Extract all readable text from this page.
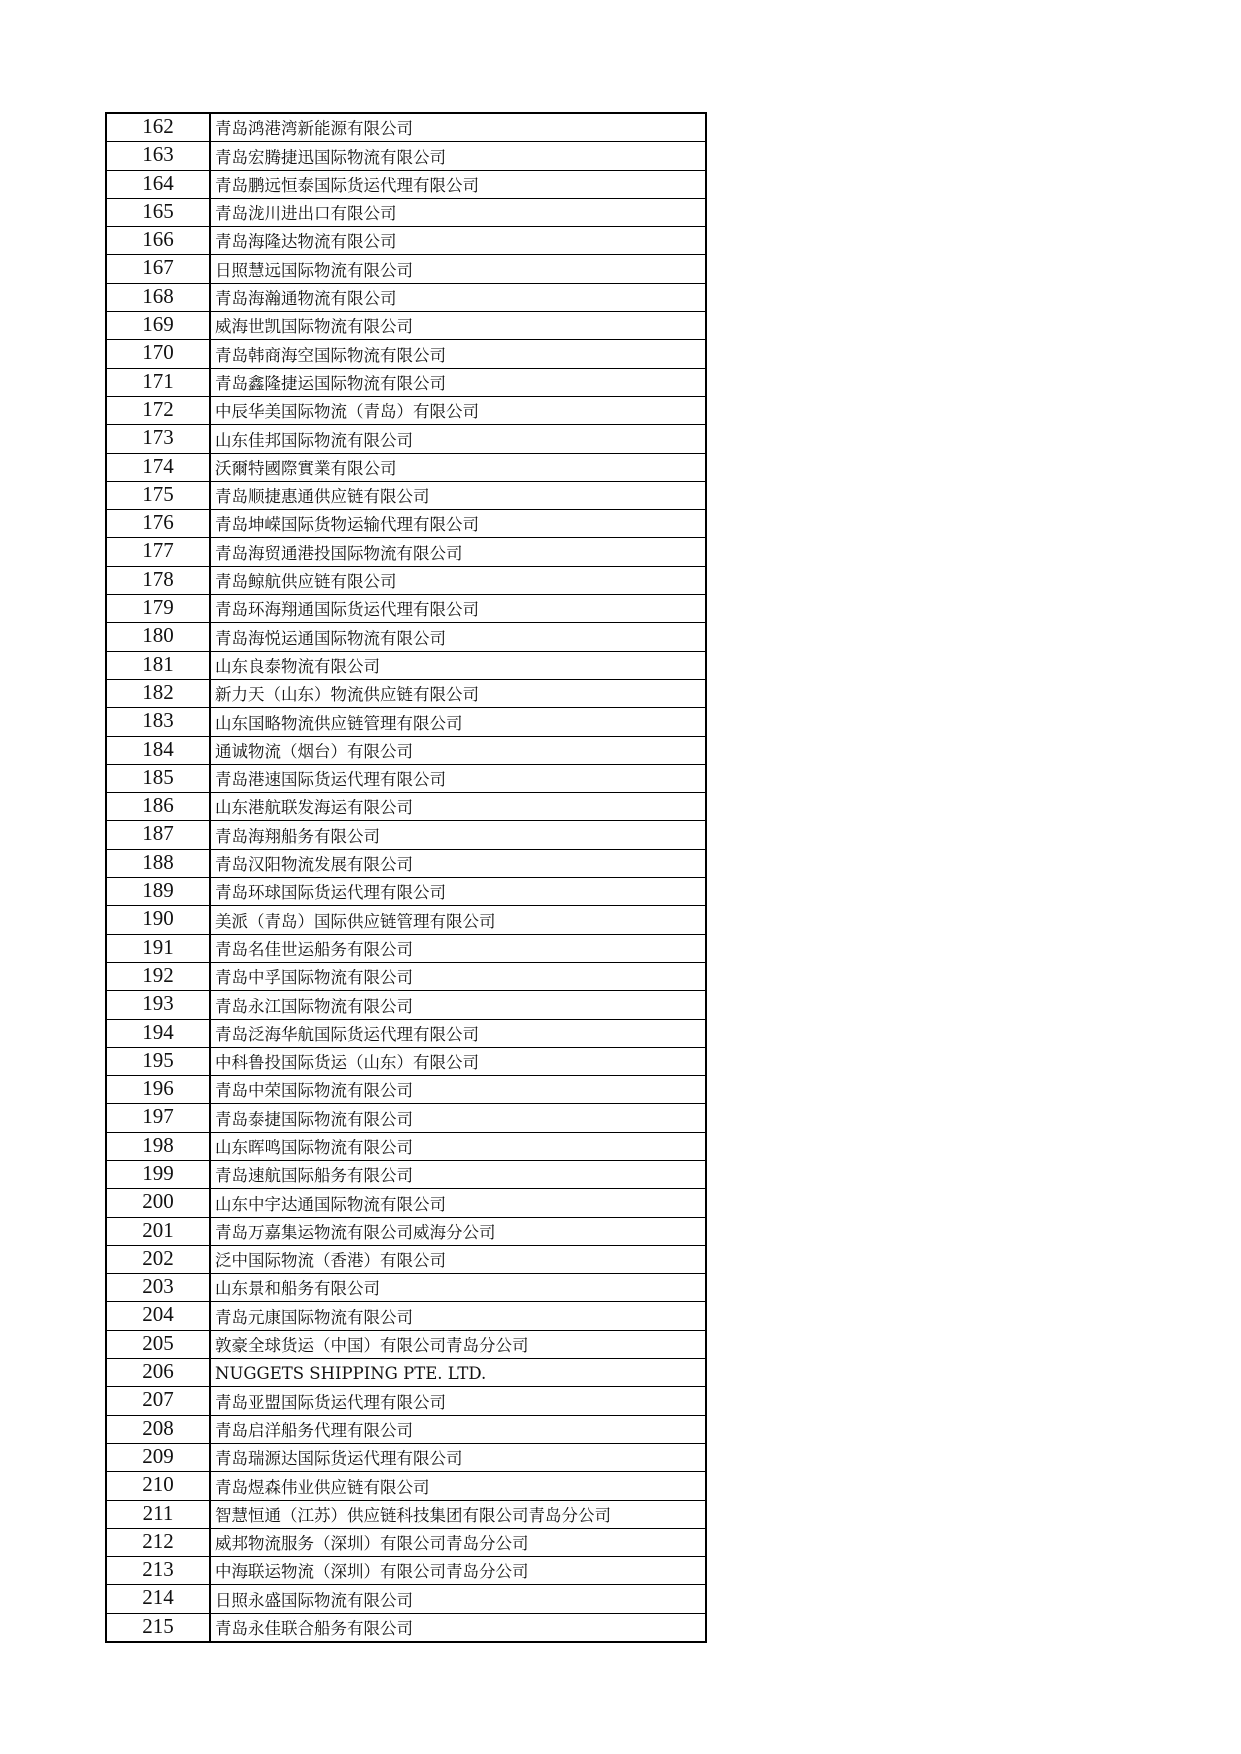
162	青岛鸿港湾新能源有限公司
163	青岛宏腾捷迅国际物流有限公司
164	青岛鹏远恒泰国际货运代理有限公司
165	青岛泷川进出口有限公司
166	青岛海隆达物流有限公司
167	日照慧远国际物流有限公司
168	青岛海瀚通物流有限公司
169	威海世凯国际物流有限公司
170	青岛韩商海空国际物流有限公司
171	青岛鑫隆捷运国际物流有限公司
172	中辰华美国际物流（青岛）有限公司
173	山东佳邦国际物流有限公司
174	沃爾特國際實業有限公司
175	青岛顺捷惠通供应链有限公司
176	青岛坤嵘国际货物运输代理有限公司
177	青岛海贸通港投国际物流有限公司
178	青岛鲸航供应链有限公司
179	青岛环海翔通国际货运代理有限公司
180	青岛海悦运通国际物流有限公司
181	山东良泰物流有限公司
182	新力天（山东）物流供应链有限公司
183	山东国略物流供应链管理有限公司
184	通诚物流（烟台）有限公司
185	青岛港速国际货运代理有限公司
186	山东港航联发海运有限公司
187	青岛海翔船务有限公司
188	青岛汉阳物流发展有限公司
189	青岛环球国际货运代理有限公司
190	美派（青岛）国际供应链管理有限公司
191	青岛名佳世运船务有限公司
192	青岛中孚国际物流有限公司
193	青岛永江国际物流有限公司
194	青岛泛海华航国际货运代理有限公司
195	中科鲁投国际货运（山东）有限公司
196	青岛中荣国际物流有限公司
197	青岛泰捷国际物流有限公司
198	山东晖鸣国际物流有限公司
199	青岛速航国际船务有限公司
200	山东中宇达通国际物流有限公司
201	青岛万嘉集运物流有限公司威海分公司
202	泛中国际物流（香港）有限公司
203	山东景和船务有限公司
204	青岛元康国际物流有限公司
205	敦豪全球货运（中国）有限公司青岛分公司
206	NUGGETS SHIPPING PTE. LTD.
207	青岛亚盟国际货运代理有限公司
208	青岛启洋船务代理有限公司
209	青岛瑞源达国际货运代理有限公司
210	青岛煜森伟业供应链有限公司
211	智慧恒通（江苏）供应链科技集团有限公司青岛分公司
212	威邦物流服务（深圳）有限公司青岛分公司
213	中海联运物流（深圳）有限公司青岛分公司
214	日照永盛国际物流有限公司
215	青岛永佳联合船务有限公司
